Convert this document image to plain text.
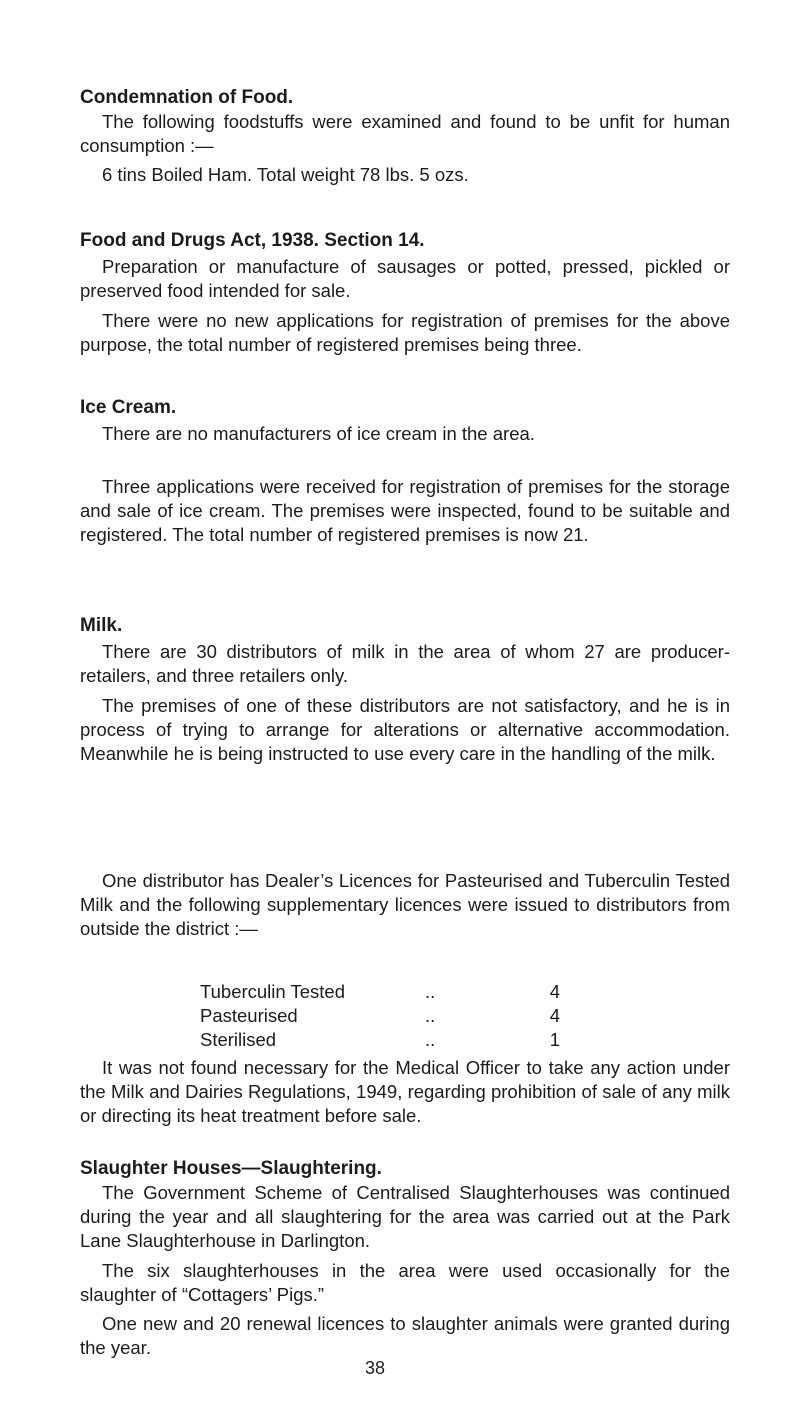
Condemnation of Food.

The following foodstuffs were examined and found to be unfit for human consumption :—

6 tins Boiled Ham. Total weight 78 lbs. 5 ozs.

Food and Drugs Act, 1938. Section 14.

Preparation or manufacture of sausages or potted, pressed, pickled or preserved food intended for sale.

There were no new applications for registration of premises for the above purpose, the total number of registered premises being three.

Ice Cream.

There are no manufacturers of ice cream in the area.

Three applications were received for registration of premises for the storage and sale of ice cream. The premises were inspected, found to be suitable and registered. The total number of registered premises is now 21.

Milk.

There are 30 distributors of milk in the area of whom 27 are producer-retailers, and three retailers only.

The premises of one of these distributors are not satisfactory, and he is in process of trying to arrange for alterations or alternative accommodation. Meanwhile he is being instructed to use every care in the handling of the milk.

One distributor has Dealer’s Licences for Pasteurised and Tuberculin Tested Milk and the following supplementary licences were issued to distributors from outside the district :—

Tuberculin Tested	..	4
Pasteurised	..	4
Sterilised	..	1

It was not found necessary for the Medical Officer to take any action under the Milk and Dairies Regulations, 1949, regarding prohibition of sale of any milk or directing its heat treatment before sale.

Slaughter Houses—Slaughtering.

The Government Scheme of Centralised Slaughterhouses was continued during the year and all slaughtering for the area was carried out at the Park Lane Slaughterhouse in Darlington.

The six slaughterhouses in the area were used occasionally for the slaughter of “Cottagers’ Pigs.”

One new and 20 renewal licences to slaughter animals were granted during the year.

38
